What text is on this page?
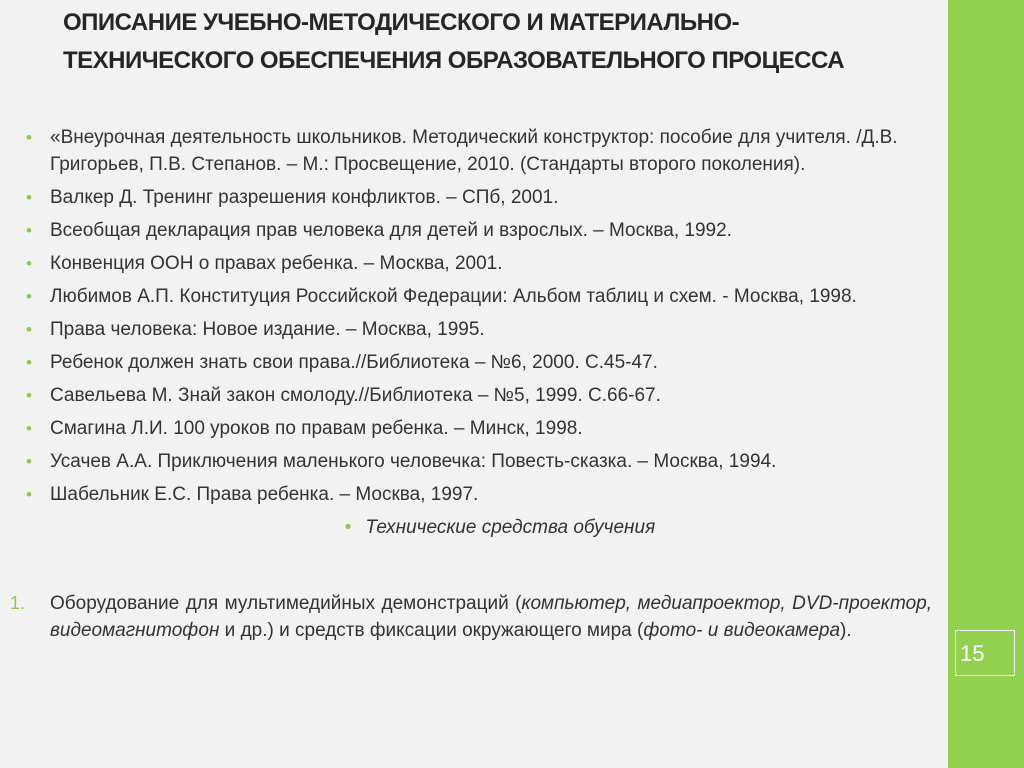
15
ОПИСАНИЕ УЧЕБНО-МЕТОДИЧЕСКОГО И МАТЕРИАЛЬНО-ТЕХНИЧЕСКОГО ОБЕСПЕЧЕНИЯ ОБРАЗОВАТЕЛЬНОГО ПРОЦЕССА
• «Внеурочная деятельность школьников. Методический конструктор: пособие для учителя. /Д.В. Григорьев, П.В. Степанов. – М.: Просвещение, 2010. (Стандарты второго поколения).
• Валкер Д. Тренинг разрешения конфликтов. – СПб, 2001.
• Всеобщая декларация прав человека для детей и взрослых. – Москва, 1992.
• Конвенция ООН о правах ребенка. – Москва, 2001.
• Любимов А.П. Конституция Российской Федерации: Альбом таблиц и схем. - Москва, 1998.
• Права человека: Новое издание. – Москва, 1995.
• Ребенок должен знать свои права.//Библиотека – №6, 2000. С.45-47.
• Савельева М. Знай закон смолоду.//Библиотека – №5, 1999. С.66-67.
• Смагина Л.И. 100 уроков по правам ребенка. – Минск, 1998.
• Усачев А.А. Приключения маленького человечка: Повесть-сказка. – Москва, 1994.
• Шабельник Е.С. Права ребенка. – Москва, 1997.
• Технические средства обучения
1. Оборудование для мультимедийных демонстраций (компьютер, медиапроектор, DVD-проектор, видеомагнитофон и др.) и средств фиксации окружающего мира (фото- и видеокамера).
